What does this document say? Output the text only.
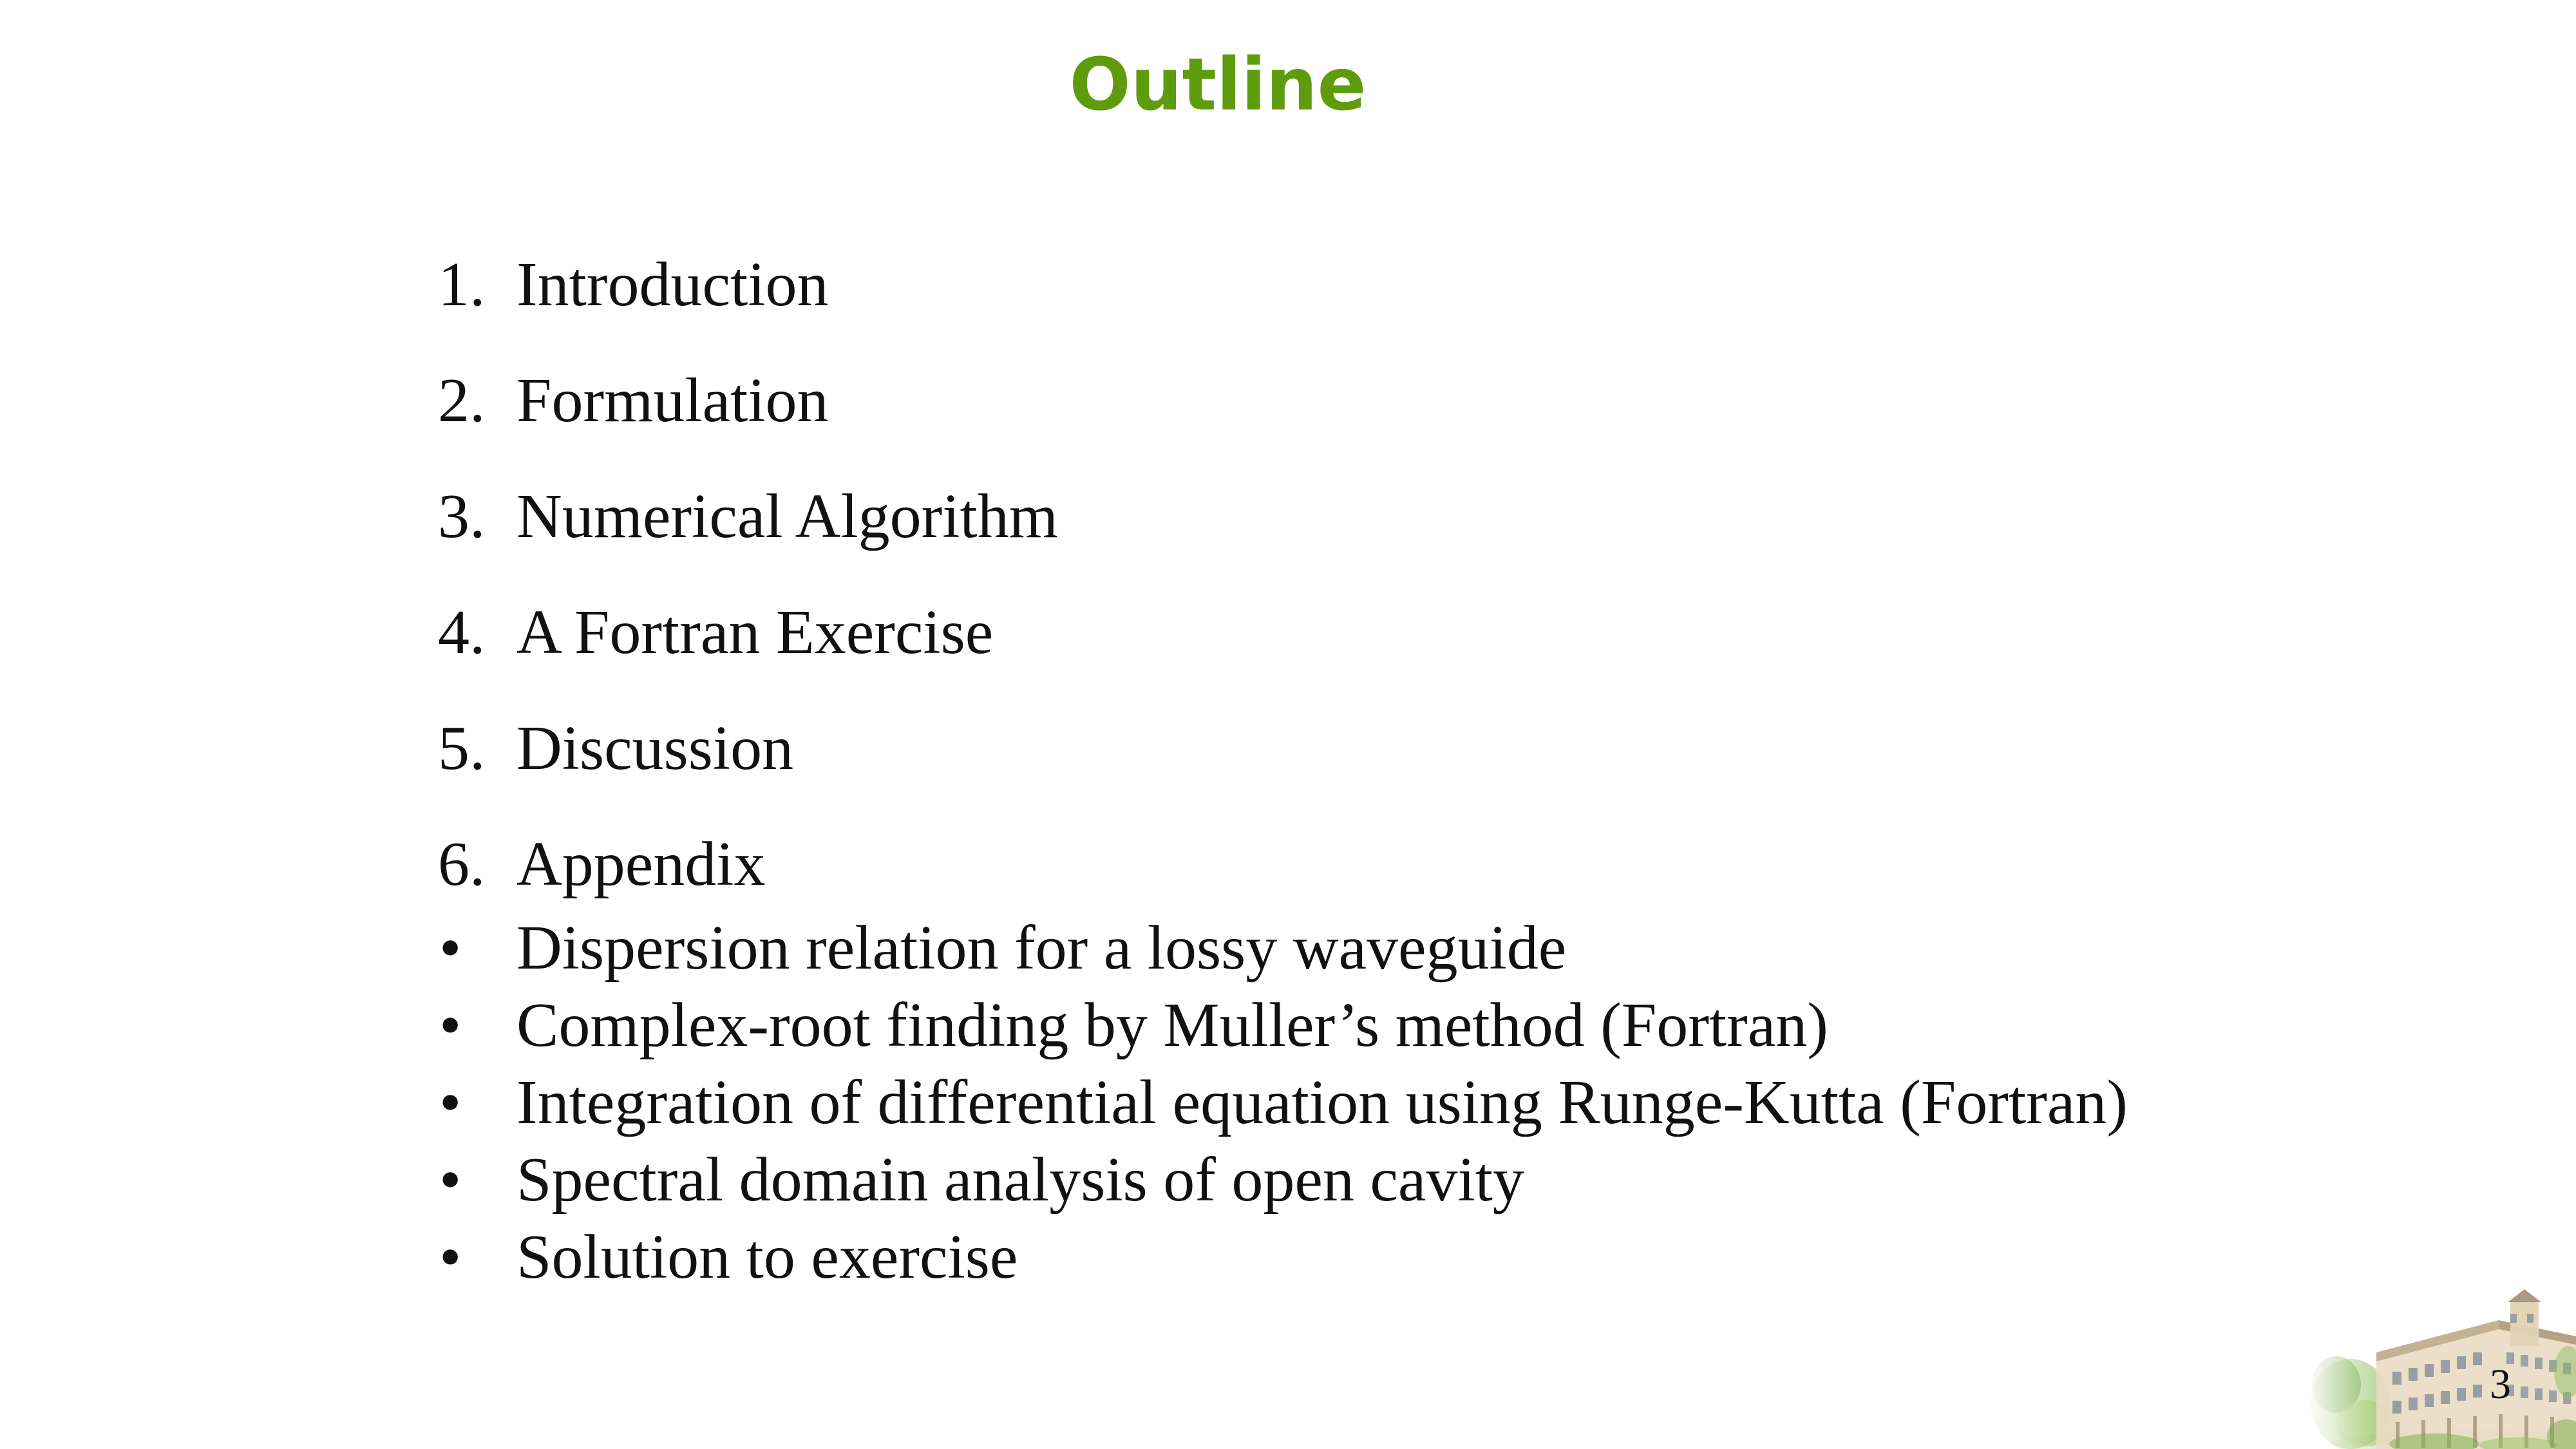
Outline
1. Introduction
2. Formulation
3. Numerical Algorithm
4. A Fortran Exercise
5. Discussion
6. Appendix
• Dispersion relation for a lossy waveguide
• Complex-root finding by Muller’s method (Fortran)
• Integration of differential equation using Runge-Kutta (Fortran)
• Spectral domain analysis of open cavity
• Solution to exercise
3
